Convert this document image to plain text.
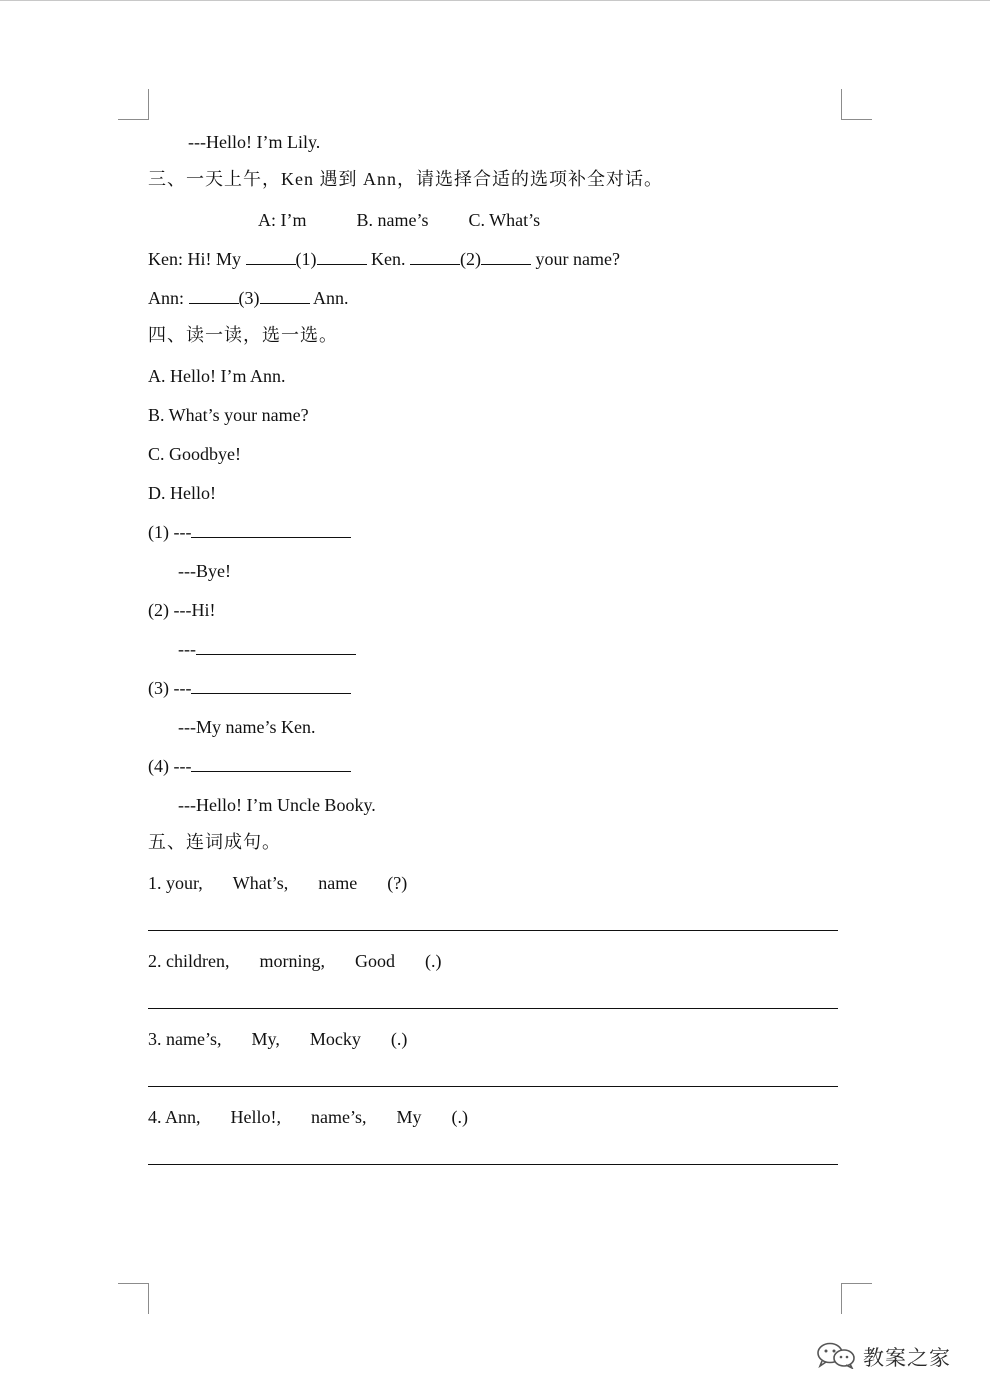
---Hello! I’m Lily.
三、一天上午，Ken 遇到 Ann，请选择合适的选项补全对话。
A: I’m	B. name’s C. What’s
Ken: Hi! My	(1)	Ken.	(2)	your name?
Ann:	(3)	Ann.
四、读一读，选一选。
A. Hello! I’m Ann.
B. What’s your name?
C. Goodbye!
D. Hello!
(1) ---
---Bye!
(2) ---Hi!
---
(3) ---
---My name’s Ken.
(4) ---
---Hello! I’m Uncle Booky.
五、连词成句。
1. your, What’s, name (?)
2. children, morning, Good (.)
3. name’s, My, Mocky (.)
4. Ann, Hello!, name’s, My (.)
教案之家
